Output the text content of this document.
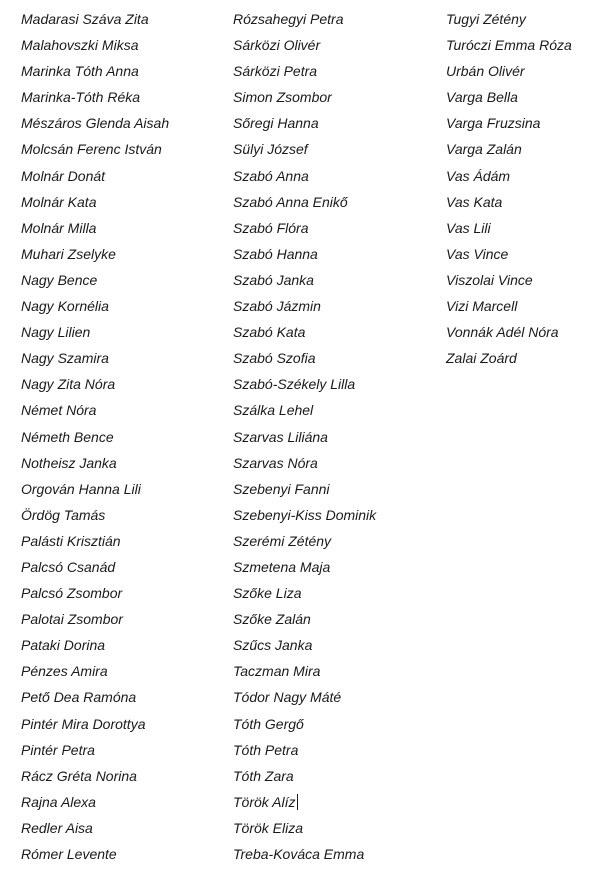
Madarasi Száva Zita
Malahovszki Miksa
Marinka Tóth Anna
Marinka-Tóth Réka
Mészáros Glenda Aisah
Molcsán Ferenc István
Molnár Donát
Molnár Kata
Molnár Milla
Muhari Zselyke
Nagy Bence
Nagy Kornélia
Nagy Lilien
Nagy Szamira
Nagy Zita Nóra
Német Nóra
Németh Bence
Notheisz Janka
Orgován Hanna Lili
Ördög Tamás
Palásti Krisztián
Palcsó Csanád
Palcsó Zsombor
Palotai Zsombor
Pataki Dorina
Pénzes Amira
Pető Dea Ramóna
Pintér Mira Dorottya
Pintér Petra
Rácz Gréta Norina
Rajna Alexa
Redler Aisa
Rómer Levente
Rózsahegyi Petra
Sárközi Olivér
Sárközi Petra
Simon Zsombor
Sőregi Hanna
Sülyi József
Szabó Anna
Szabó Anna Enikő
Szabó Flóra
Szabó Hanna
Szabó Janka
Szabó Jázmin
Szabó Kata
Szabó Szofia
Szabó-Székely Lilla
Szálka Lehel
Szarvas Liliána
Szarvas Nóra
Szebenyi Fanni
Szebenyi-Kiss Dominik
Szerémi Zétény
Szmetena Maja
Szőke Liza
Szőke Zalán
Szűcs Janka
Taczman Mira
Tódor Nagy Máté
Tóth Gergő
Tóth Petra
Tóth Zara
Török Alíz
Török Eliza
Treba-Kováca Emma
Tugyi Zétény
Turóczi Emma Róza
Urbán Olivér
Varga Bella
Varga Fruzsina
Varga Zalán
Vas Ádám
Vas Kata
Vas Lili
Vas Vince
Viszolai Vince
Vizi Marcell
Vonnák Adél Nóra
Zalai Zoárd
